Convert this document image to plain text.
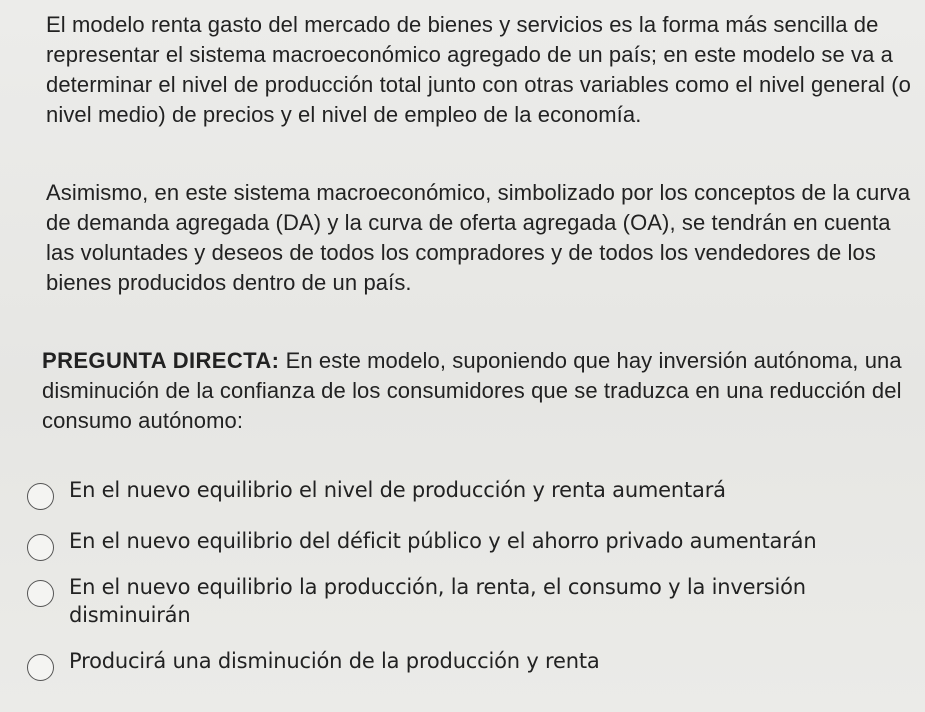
El modelo renta gasto del mercado de bienes y servicios es la forma más sencilla de representar el sistema macroeconómico agregado de un país; en este modelo se va a determinar el nivel de producción total junto con otras variables como el nivel general (o nivel medio) de precios y el nivel de empleo de la economía.

Asimismo, en este sistema macroeconómico, simbolizado por los conceptos de la curva de demanda agregada (DA) y la curva de oferta agregada (OA), se tendrán en cuenta las voluntades y deseos de todos los compradores y de todos los vendedores de los bienes producidos dentro de un país.

PREGUNTA DIRECTA: En este modelo, suponiendo que hay inversión autónoma, una disminución de la confianza de los consumidores que se traduzca en una reducción del consumo autónomo:

En el nuevo equilibrio el nivel de producción y renta aumentará
En el nuevo equilibrio del déficit público y el ahorro privado aumentarán
En el nuevo equilibrio la producción, la renta, el consumo y la inversión disminuirán
Producirá una disminución de la producción y renta
